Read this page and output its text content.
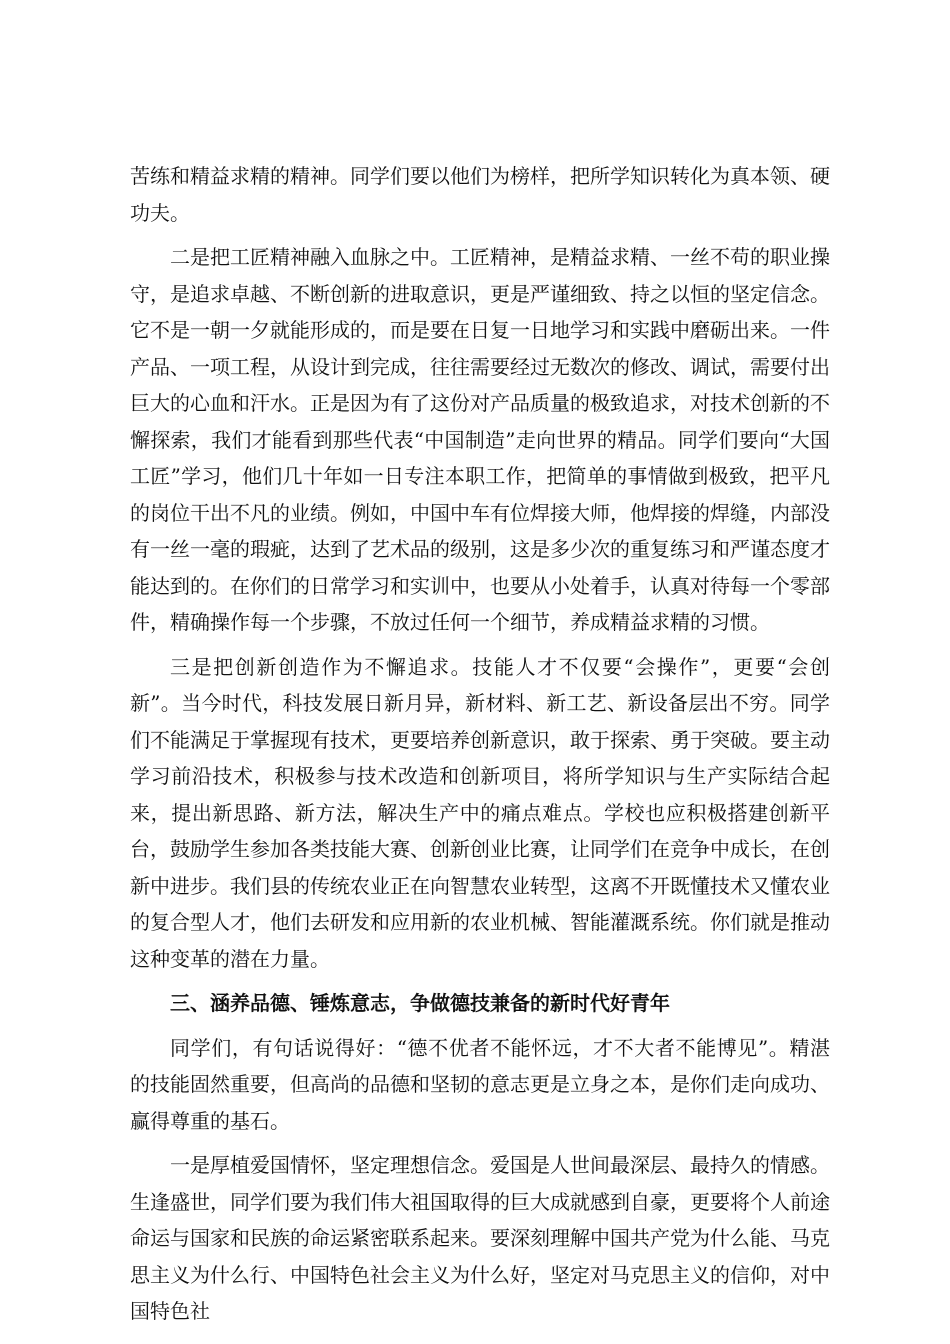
苦练和精益求精的精神。同学们要以他们为榜样，把所学知识转化为真本领、硬功夫。

二是把工匠精神融入血脉之中。工匠精神，是精益求精、一丝不苟的职业操守，是追求卓越、不断创新的进取意识，更是严谨细致、持之以恒的坚定信念。它不是一朝一夕就能形成的，而是要在日复一日地学习和实践中磨砺出来。一件产品、一项工程，从设计到完成，往往需要经过无数次的修改、调试，需要付出巨大的心血和汗水。正是因为有了这份对产品质量的极致追求，对技术创新的不懈探索，我们才能看到那些代表“中国制造”走向世界的精品。同学们要向“大国工匠”学习，他们几十年如一日专注本职工作，把简单的事情做到极致，把平凡的岗位干出不凡的业绩。例如，中国中车有位焊接大师，他焊接的焊缝，内部没有一丝一毫的瑕疵，达到了艺术品的级别，这是多少次的重复练习和严谨态度才能达到的。在你们的日常学习和实训中，也要从小处着手，认真对待每一个零部件，精确操作每一个步骤，不放过任何一个细节，养成精益求精的习惯。

三是把创新创造作为不懈追求。技能人才不仅要“会操作”，更要“会创新”。当今时代，科技发展日新月异，新材料、新工艺、新设备层出不穷。同学们不能满足于掌握现有技术，更要培养创新意识，敢于探索、勇于突破。要主动学习前沿技术，积极参与技术改造和创新项目，将所学知识与生产实际结合起来，提出新思路、新方法，解决生产中的痛点难点。学校也应积极搭建创新平台，鼓励学生参加各类技能大赛、创新创业比赛，让同学们在竞争中成长，在创新中进步。我们县的传统农业正在向智慧农业转型，这离不开既懂技术又懂农业的复合型人才，他们去研发和应用新的农业机械、智能灌溉系统。你们就是推动这种变革的潜在力量。

三、涵养品德、锤炼意志，争做德技兼备的新时代好青年

同学们，有句话说得好：“德不优者不能怀远，才不大者不能博见”。精湛的技能固然重要，但高尚的品德和坚韧的意志更是立身之本，是你们走向成功、赢得尊重的基石。

一是厚植爱国情怀，坚定理想信念。爱国是人世间最深层、最持久的情感。生逢盛世，同学们要为我们伟大祖国取得的巨大成就感到自豪，更要将个人前途命运与国家和民族的命运紧密联系起来。要深刻理解中国共产党为什么能、马克思主义为什么行、中国特色社会主义为什么好，坚定对马克思主义的信仰，对中国特色社
